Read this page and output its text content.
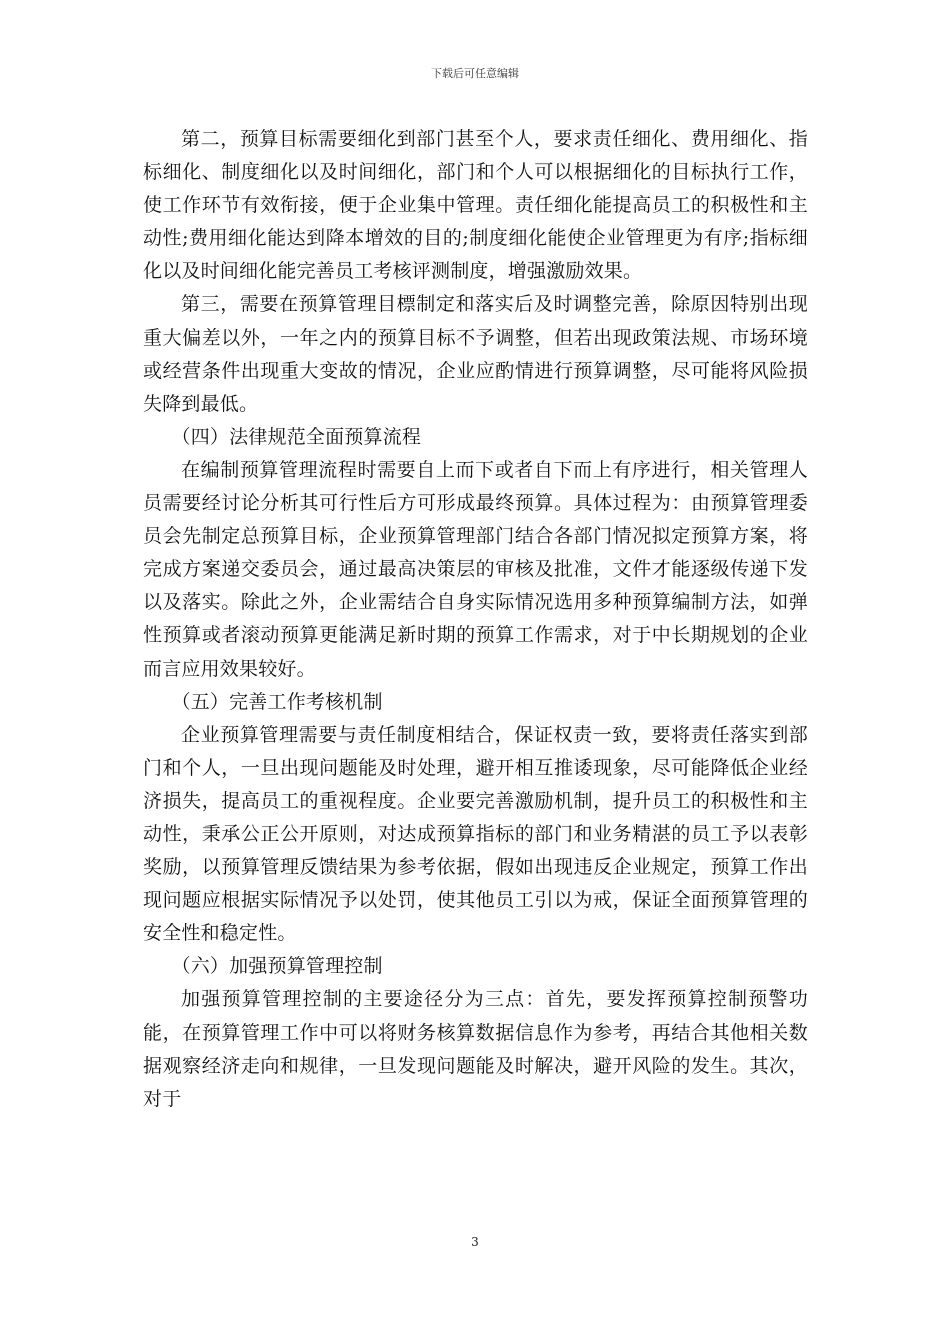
下载后可任意编辑

第二，预算目标需要细化到部门甚至个人，要求责任细化、费用细化、指标细化、制度细化以及时间细化，部门和个人可以根据细化的目标执行工作，使工作环节有效衔接，便于企业集中管理。责任细化能提高员工的积极性和主动性;费用细化能达到降本增效的目的;制度细化能使企业管理更为有序;指标细化以及时间细化能完善员工考核评测制度，增强激励效果。

第三，需要在预算管理目標制定和落实后及时调整完善，除原因特别出现重大偏差以外，一年之内的预算目标不予调整，但若出现政策法规、市场环境或经营条件出现重大变故的情况，企业应酌情进行预算调整，尽可能将风险损失降到最低。

（四）法律规范全面预算流程

在编制预算管理流程时需要自上而下或者自下而上有序进行，相关管理人员需要经讨论分析其可行性后方可形成最终预算。具体过程为：由预算管理委员会先制定总预算目标，企业预算管理部门结合各部门情况拟定预算方案，将完成方案递交委员会，通过最高决策层的审核及批准，文件才能逐级传递下发以及落实。除此之外，企业需结合自身实际情况选用多种预算编制方法，如弹性预算或者滚动预算更能满足新时期的预算工作需求，对于中长期规划的企业而言应用效果较好。

（五）完善工作考核机制

企业预算管理需要与责任制度相结合，保证权责一致，要将责任落实到部门和个人，一旦出现问题能及时处理，避开相互推诿现象，尽可能降低企业经济损失，提高员工的重视程度。企业要完善激励机制，提升员工的积极性和主动性，秉承公正公开原则，对达成预算指标的部门和业务精湛的员工予以表彰奖励，以预算管理反馈结果为参考依据，假如出现违反企业规定，预算工作出现问题应根据实际情况予以处罚，使其他员工引以为戒，保证全面预算管理的安全性和稳定性。

（六）加强预算管理控制

加强预算管理控制的主要途径分为三点：首先，要发挥预算控制预警功能，在预算管理工作中可以将财务核算数据信息作为参考，再结合其他相关数据观察经济走向和规律，一旦发现问题能及时解决，避开风险的发生。其次，对于

3
